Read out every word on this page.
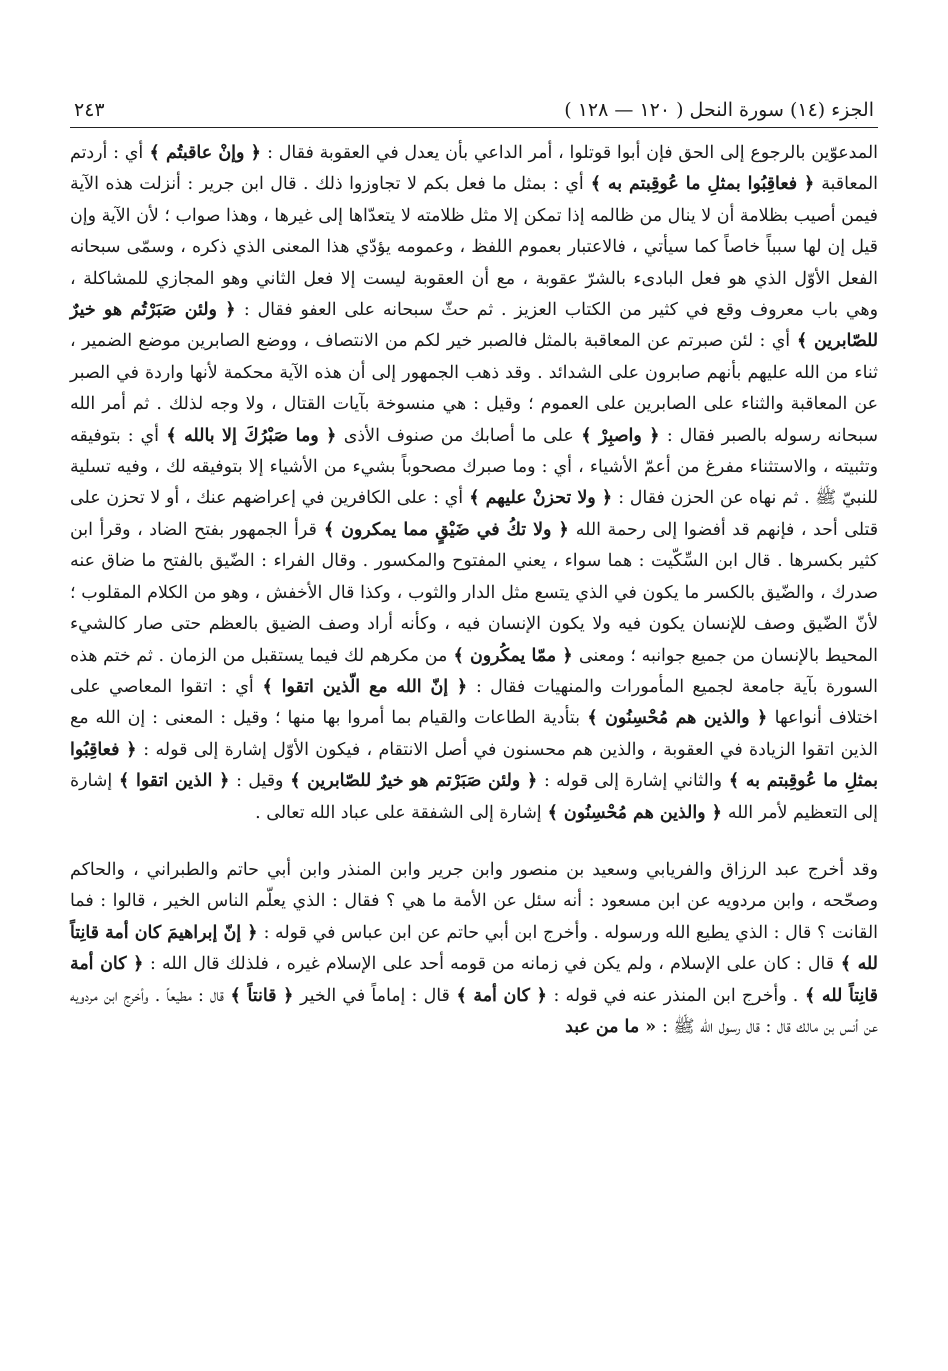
الجزء (١٤) سورة النحل ( ١٢٠ — ١٢٨ )
٢٤٣

المدعوّين بالرجوع إلى الحق فإن أبوا قوتلوا ، أمر الداعي بأن يعدل في العقوبة فقال : ﴿ وإنْ عاقبتُم ﴾ أي : أردتم المعاقبة ﴿ فعاقِبُوا بمثلِ ما عُوقِبتم به ﴾ أي : بمثل ما فعل بكم لا تجاوزوا ذلك . قال ابن جرير : أنزلت هذه الآية فيمن أصيب بظلامة أن لا ينال من ظالمه إذا تمكن إلا مثل ظلامته لا يتعدّاها إلى غيرها ، وهذا صواب ؛ لأن الآية وإن قيل إن لها سبباً خاصاً كما سيأتي ، فالاعتبار بعموم اللفظ ، وعمومه يؤدّي هذا المعنى الذي ذكره ، وسمّى سبحانه الفعل الأوّل الذي هو فعل البادىء بالشرّ عقوبة ، مع أن العقوبة ليست إلا فعل الثاني وهو المجازي للمشاكلة ، وهي باب معروف وقع في كثير من الكتاب العزيز . ثم حثّ سبحانه على العفو فقال : ﴿ ولئن صَبَرْتُم هو خيرٌ للصّابرين ﴾ أي : لئن صبرتم عن المعاقبة بالمثل فالصبر خير لكم من الانتصاف ، ووضع الصابرين موضع الضمير ، ثناء من الله عليهم بأنهم صابرون على الشدائد . وقد ذهب الجمهور إلى أن هذه الآية محكمة لأنها واردة في الصبر عن المعاقبة والثناء على الصابرين على العموم ؛ وقيل : هي منسوخة بآيات القتال ، ولا وجه لذلك . ثم أمر الله سبحانه رسوله بالصبر فقال : ﴿ واصبِرْ ﴾ على ما أصابك من صنوف الأذى ﴿ وما صَبْرُكَ إلا بالله ﴾ أي : بتوفيقه وتثبيته ، والاستثناء مفرغ من أعمّ الأشياء ، أي : وما صبرك مصحوباً بشيء من الأشياء إلا بتوفيقه لك ، وفيه تسلية للنبيّ ﷺ . ثم نهاه عن الحزن فقال : ﴿ ولا تحزنْ عليهم ﴾ أي : على الكافرين في إعراضهم عنك ، أو لا تحزن على قتلى أحد ، فإنهم قد أفضوا إلى رحمة الله ﴿ ولا تكُ في ضَيْقٍ مما يمكرون ﴾ قرأ الجمهور بفتح الضاد ، وقرأ ابن كثير بكسرها . قال ابن السِّكّيت : هما سواء ، يعني المفتوح والمكسور . وقال الفراء : الضّيق بالفتح ما ضاق عنه صدرك ، والضّيق بالكسر ما يكون في الذي يتسع مثل الدار والثوب ، وكذا قال الأخفش ، وهو من الكلام المقلوب ؛ لأنّ الضّيق وصف للإنسان يكون فيه ولا يكون الإنسان فيه ، وكأنه أراد وصف الضيق بالعظم حتى صار كالشيء المحيط بالإنسان من جميع جوانبه ؛ ومعنى ﴿ ممّا يمكُرون ﴾ من مكرهم لك فيما يستقبل من الزمان . ثم ختم هذه السورة بآية جامعة لجميع المأمورات والمنهيات فقال : ﴿ إنّ الله مع الّذين اتقوا ﴾ أي : اتقوا المعاصي على اختلاف أنواعها ﴿ والذين هم مُحْسِنُون ﴾ بتأدية الطاعات والقيام بما أمروا بها منها ؛ وقيل : المعنى : إن الله مع الذين اتقوا الزيادة في العقوبة ، والذين هم محسنون في أصل الانتقام ، فيكون الأوّل إشارة إلى قوله : ﴿ فعاقِبُوا بمثلِ ما عُوقِبتم به ﴾ والثاني إشارة إلى قوله : ﴿ ولئن صَبَرْتم هو خيرٌ للصّابرين ﴾ وقيل : ﴿ الذين اتقوا ﴾ إشارة إلى التعظيم لأمر الله ﴿ والذين هم مُحْسِنُون ﴾ إشارة إلى الشفقة على عباد الله تعالى .

وقد أخرج عبد الرزاق والفريابي وسعيد بن منصور وابن جرير وابن المنذر وابن أبي حاتم والطبراني ، والحاكم وصحّحه ، وابن مردويه عن ابن مسعود : أنه سئل عن الأمة ما هي ؟ فقال : الذي يعلّم الناس الخير ، قالوا : فما القانت ؟ قال : الذي يطيع الله ورسوله . وأخرج ابن أبي حاتم عن ابن عباس في قوله : ﴿ إنّ إبراهيمَ كان أمة قانِتاً لله ﴾ قال : كان على الإسلام ، ولم يكن في زمانه من قومه أحد على الإسلام غيره ، فلذلك قال الله : ﴿ كان أمة قانِتاً لله ﴾ . وأخرج ابن المنذر عنه في قوله : ﴿ كان أمة ﴾ قال : إماماً في الخير ﴿ قانتاً ﴾ قال : مطيعاً . وأخرج ابن مردويه عن أنس بن مالك قال : قال رسول الله ﷺ : « ما من عبد
